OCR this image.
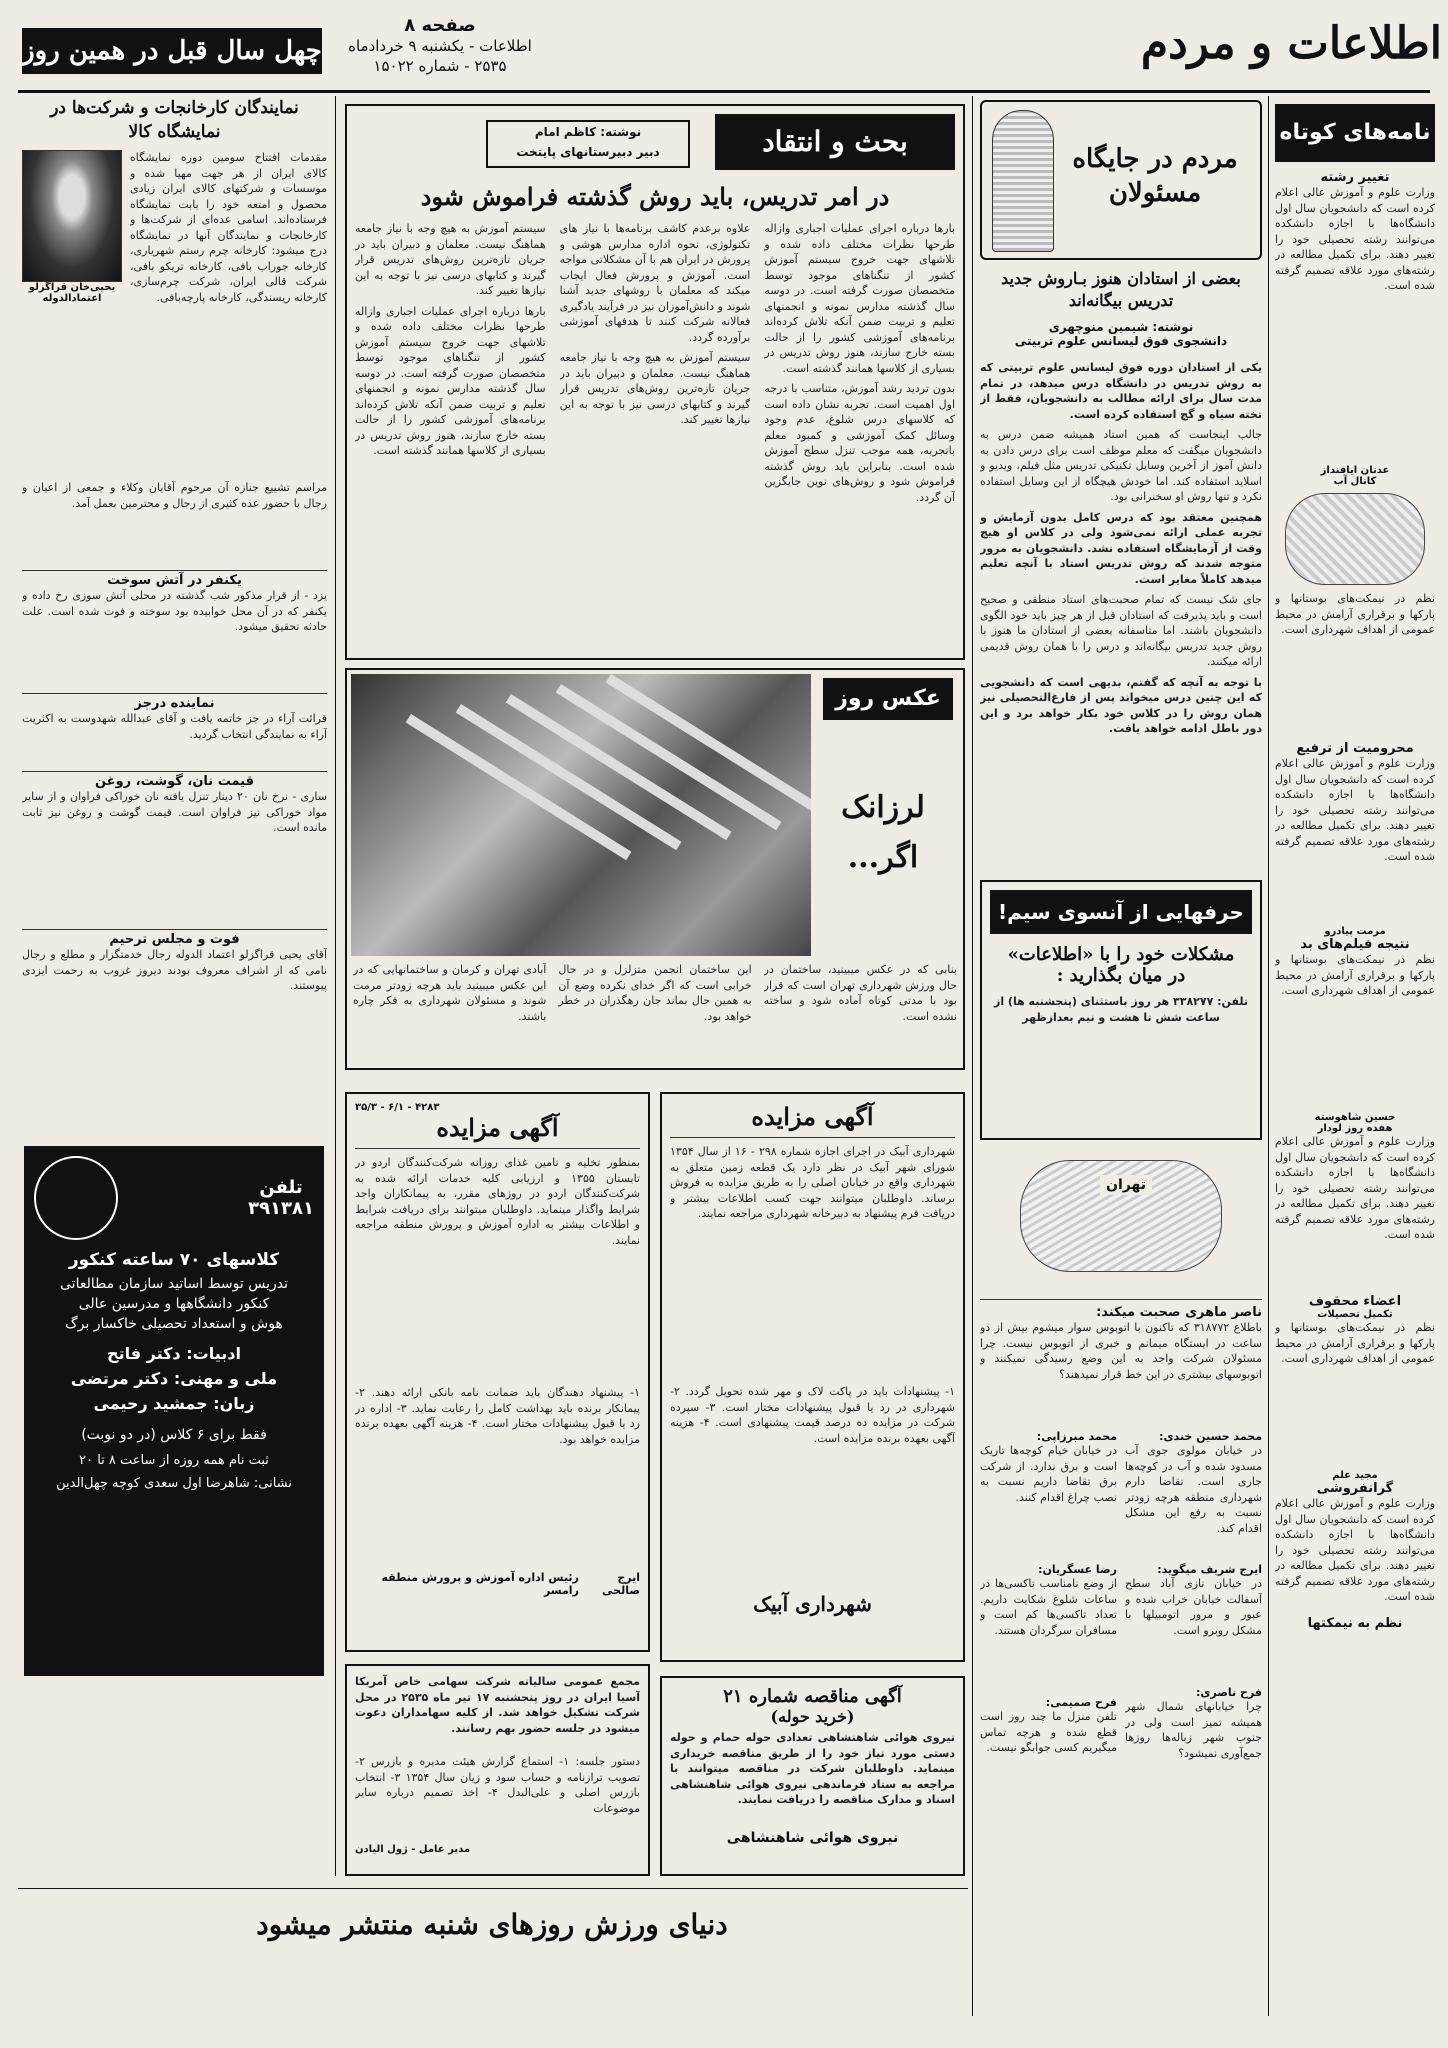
اطلاعات و مردم
صفحه ۸
اطلاعات - یکشنبه ۹ خردادماه
۲۵۳۵ - شماره ۱۵۰۲۲
چهل سال قبل در همین روز
نامه‌های کوتاه
تغییر رشته
وزارت علوم و آموزش عالی اعلام کرده است که دانشجویان سال اول دانشگاه‌ها با اجازه دانشکده می‌توانند رشته تحصیلی خود را تغییر دهند. برای تکمیل مطالعه در رشته‌های مورد علاقه تصمیم گرفته شده است.
عدنان ایافنداز
کانال آب
نظم در نیمکت‌های بوستانها و پارکها و برقراری آرامش در محیط عمومی از اهداف شهرداری است.
محرومیت از ترفیع
وزارت علوم و آموزش عالی اعلام کرده است که دانشجویان سال اول دانشگاه‌ها با اجازه دانشکده می‌توانند رشته تحصیلی خود را تغییر دهند. برای تکمیل مطالعه در رشته‌های مورد علاقه تصمیم گرفته شده است.
مرمت پیادرو
نتیجه فیلم‌های بد
نظم در نیمکت‌های بوستانها و پارکها و برقراری آرامش در محیط عمومی از اهداف شهرداری است.
حسین شاهوسته
هفده روز لودار
وزارت علوم و آموزش عالی اعلام کرده است که دانشجویان سال اول دانشگاه‌ها با اجازه دانشکده می‌توانند رشته تحصیلی خود را تغییر دهند. برای تکمیل مطالعه در رشته‌های مورد علاقه تصمیم گرفته شده است.
اعضاء محقوف
تکمیل تحصیلات
نظم در نیمکت‌های بوستانها و پارکها و برقراری آرامش در محیط عمومی از اهداف شهرداری است.
مجید علم
گرانفروشی
وزارت علوم و آموزش عالی اعلام کرده است که دانشجویان سال اول دانشگاه‌ها با اجازه دانشکده می‌توانند رشته تحصیلی خود را تغییر دهند. برای تکمیل مطالعه در رشته‌های مورد علاقه تصمیم گرفته شده است.
نظم به نیمکتها
مردم در جایگاه مسئولان
بعضی از استادان هنوز بـاروش جدید تدریس بیگانه‌اند
نوشته: شیمین منوچهری
دانشجوی فوق لیسانس علوم تربیتی

یکی از استادان دوره فوق لیسانس علوم تربیتی که به روش تدریس در دانشگاه درس میدهد، در تمام مدت سال برای ارائه مطالب به دانشجویان، فقط از تخته سیاه و گچ استفاده کرده است.

جالب اینجاست که همین استاد همیشه ضمن درس به دانشجویان میگفت که معلم موظف است برای درس دادن به دانش آموز از آخرین وسایل تکنیکی تدریس مثل فیلم، ویدیو و اسلاید استفاده کند. اما خودش هیچگاه از این وسایل استفاده نکرد و تنها روش او سخنرانی بود.

همچنین معتقد بود که درس کامل بدون آزمایش و تجربه عملی ارائه نمی‌شود ولی در کلاس او هیچ وقت از آزمایشگاه استفاده نشد. دانشجویان به مرور متوجه شدند که روش تدریس استاد با آنچه تعلیم میدهد کاملاً مغایر است.

جای شک نیست که تمام صحبت‌های استاد منطقی و صحیح است و باید پذیرفت که استادان قبل از هر چیز باید خود الگوی دانشجویان باشند. اما متاسفانه بعضی از استادان ما هنوز با روش جدید تدریس بیگانه‌اند و درس را با همان روش قدیمی ارائه میکنند.

با توجه به آنچه که گفتم، بدیهی است که دانشجویی که این چنین درس میخواند پس از فارغ‌التحصیلی نیز همان روش را در کلاس خود بکار خواهد برد و این دور باطل ادامه خواهد یافت.

حرفهایی از آنسوی سیم!
مشکلات خود را با «اطلاعات»
در میان بگذارید :
تلفن: ۳۳۸۲۷۷ هر روز باستثنای (پنجشنبه ها) از ساعت شش تا هشت و نیم بعدازظهر
تهران
ناصر ماهری صحبت میکند:
باطلاع ۳۱۸۷۷۲ که تاکنون با اتوبوس سوار میشوم بیش از دو ساعت در ایستگاه میمانم و خبری از اتوبوس نیست. چرا مسئولان شرکت واحد به این وضع رسیدگی نمیکنند و اتوبوسهای بیشتری در این خط قرار نمیدهند؟
محمد حسین خندی:
در خیابان مولوی جوی آب مسدود شده و آب در کوچه‌ها جاری است. تقاضا دارم شهرداری منطقه هرچه زودتر نسبت به رفع این مشکل اقدام کند.
ایرج شریف میگوید:
در خیابان نازی آباد سطح آسفالت خیابان خراب شده و عبور و مرور اتومبیلها با مشکل روبرو است.
فرح ناصری:
چرا خیابانهای شمال شهر همیشه تمیز است ولی در جنوب شهر زباله‌ها روزها جمع‌آوری نمیشود؟
محمد مبرزاپی:
در خیابان خیام کوچه‌ها تاریک است و برق ندارد. از شرکت برق تقاضا داریم نسبت به نصب چراغ اقدام کنند.
رضا عسگریان:
از وضع نامناسب تاکسی‌ها در ساعات شلوغ شکایت داریم. تعداد تاکسی‌ها کم است و مسافران سرگردان هستند.
فرح صمیمی:
تلفن منزل ما چند روز است قطع شده و هرچه تماس میگیریم کسی جوابگو نیست.
بحث و انتقاد
نوشته: کاظم امام
دبیر دبیرستانهای پایتخت
در امر تدریس، باید روش گذشته فراموش شود

بارها درباره اجرای عملیات اجباری وازاله طرحها نظرات مختلف داده شده و تلاشهای جهت خروج سیستم آموزش کشور از تنگناهای موجود توسط متخصصان صورت گرفته است. در دوسه سال گذشته مدارس نمونه و انجمنهای تعلیم و تربیت ضمن آنکه تلاش کرده‌اند برنامه‌های آموزشی کشور را از حالت بسته خارج سازند، هنوز روش تدریس در بسیاری از کلاسها همانند گذشته است.

بدون تردید رشد آموزش، متناسب با درجه اول اهمیت است. تجربه نشان داده است که کلاسهای درس شلوغ، عدم وجود وسائل کمک آموزشی و کمبود معلم باتجربه، همه موجب تنزل سطح آموزش شده است. بنابراین باید روش گذشته فراموش شود و روش‌های نوین جایگزین آن گردد.

علاوه برعدم کاشف برنامه‌ها با نیاز های تکنولوژی، نحوه اداره مدارس هوشی و پرورش در ایران هم با آن مشکلاتی مواجه است. آموزش و پرورش فعال ایجاب میکند که معلمان با روشهای جدید آشنا شوند و دانش‌آموزان نیز در فرآیند یادگیری فعالانه شرکت کنند تا هدفهای آموزشی برآورده گردد.

سیستم آموزش به هیچ وجه با نیاز جامعه هماهنگ نیست. معلمان و دبیران باید در جریان تازه‌ترین روش‌های تدریس قرار گیرند و کتابهای درسی نیز با توجه به این نیازها تغییر کند.

سیستم آموزش به هیچ وجه با نیاز جامعه هماهنگ نیست. معلمان و دبیران باید در جریان تازه‌ترین روش‌های تدریس قرار گیرند و کتابهای درسی نیز با توجه به این نیازها تغییر کند.

بارها درباره اجرای عملیات اجباری وازاله طرحها نظرات مختلف داده شده و تلاشهای جهت خروج سیستم آموزش کشور از تنگناهای موجود توسط متخصصان صورت گرفته است. در دوسه سال گذشته مدارس نمونه و انجمنهای تعلیم و تربیت ضمن آنکه تلاش کرده‌اند برنامه‌های آموزشی کشور را از حالت بسته خارج سازند، هنوز روش تدریس در بسیاری از کلاسها همانند گذشته است.

عکس روز
لرزانک
اگر...
بنابی که در عکس میبینید، ساختمان در حال ورزش شهرداری تهران است که قرار بود با مدتی کوتاه آماده شود و ساخته نشده است.
این ساختمان انجمن متزلزل و در حال خرابی است که اگر خدای نکرده وضع آن به همین حال بماند جان رهگذران در خطر خواهد بود.
آبادی تهران و کرمان و ساختمانهایی که در این عکس میبینید باید هرچه زودتر مرمت شوند و مسئولان شهرداری به فکر چاره باشند.
آگهی مزایده
شهرداری آبیک در اجرای اجازه شماره ۲۹۸ - ۱۶ از سال ۱۳۵۴ شورای شهر آبیک در نظر دارد یک قطعه زمین متعلق به شهرداری واقع در خیابان اصلی را به طریق مزایده به فروش برساند. داوطلبان میتوانند جهت کسب اطلاعات بیشتر و دریافت فرم پیشنهاد به دبیرخانه شهرداری مراجعه نمایند.
۱- پیشنهادات باید در پاکت لاک و مهر شده تحویل گردد. ۲- شهرداری در رد یا قبول پیشنهادات مختار است. ۳- سپرده شرکت در مزایده ده درصد قیمت پیشنهادی است. ۴- هزینه آگهی بعهده برنده مزایده است.
شهرداری آبیک
آگهی مناقصه شماره ۲۱
(خرید حوله)
نیروی هوائی شاهنشاهی تعدادی حوله حمام و حوله دستی مورد نیاز خود را از طریق مناقصه خریداری مینماید. داوطلبان شرکت در مناقصه میتوانند با مراجعه به ستاد فرماندهی نیروی هوائی شاهنشاهی اسناد و مدارک مناقصه را دریافت نمایند.
نیروی هوائی شاهنشاهی
۴۲۸۳ - ۶/۱ - ۳۵/۳
آگهی مزایده
بمنظور تخلیه و تامین غذای روزانه شرکت‌کنندگان اردو در تابستان ۱۳۵۵ و ارزیابی کلیه خدمات ارائه شده به شرکت‌کنندگان اردو در روزهای مقرر، به پیمانکاران واجد شرایط واگذار مینماید. داوطلبان میتوانند برای دریافت شرایط و اطلاعات بیشتر به اداره آموزش و پرورش منطقه مراجعه نمایند.
۱- پیشنهاد دهندگان باید ضمانت نامه بانکی ارائه دهند. ۲- پیمانکار برنده باید بهداشت کامل را رعایت نماید. ۳- اداره در رد یا قبول پیشنهادات مختار است. ۴- هزینه آگهی بعهده برنده مزایده خواهد بود.
ایرج صالحی
رئیس اداره آموزش و پرورش منطقه رامسر
مجمع عمومی سالیانه شرکت سهامی خاص آمریکا آسیا ایران در روز پنجشنبه ۱۷ تیر ماه ۲۵۳۵ در محل شرکت تشکیل خواهد شد. از کلیه سهامداران دعوت میشود در جلسه حضور بهم رسانند.
دستور جلسه: ۱- استماع گزارش هیئت مدیره و بازرس ۲- تصویب ترازنامه و حساب سود و زیان سال ۱۳۵۴ ۳- انتخاب بازرس اصلی و علی‌البدل ۴- اخذ تصمیم درباره سایر موضوعات
مدیر عامل - ژول الیادن
نمایندگان کارخانجات و شرکت‌ها در نمایشگاه کالا
مقدمات افتتاح سومین دوره نمایشگاه کالای ایران از هر جهت مهیا شده و موسسات و شرکتهای کالای ایران زیادی محصول و امتعه خود را بابت نمایشگاه فرستاده‌اند. اسامی عده‌ای از شرکت‌ها و کارخانجات و نمایندگان آنها در نمایشگاه درج میشود: کارخانه چرم رستم شهریاری، کارخانه جوراب بافی، کارخانه تریکو بافی، شرکت قالی ایران، شرکت چرم‌سازی، کارخانه ریسندگی، کارخانه پارچه‌بافی.
یحیی‌خان قراگزلو
اعتمادالدوله
مراسم تشییع جنازه آن مرحوم آقایان وکلاء و جمعی از اعیان و رجال با حضور عده کثیری از رجال و محترمین بعمل آمد.
یکنفر در آتش سوخت
یزد - از قرار مذکور شب گذشته در محلی آتش سوزی رخ داده و یکنفر که در آن محل خوابیده بود سوخته و فوت شده است. علت حادثه تحقیق میشود.
نماینده درجز
قرائت آراء در جز خاتمه یافت و آقای عبدالله شهدوست به اکثریت آراء به نمایندگی انتخاب گردید.
قیمت نان، گوشت، روغن
ساری - نرخ نان ۲۰ دینار تنزل یافته نان خوراکی فراوان و از سایر مواد خوراکی نیز فراوان است. قیمت گوشت و روغن نیز ثابت مانده است.
فوت و مجلس ترحیم
آقای یحیی قراگزلو اعتماد الدوله رجال خدمتگزار و مطلع و رجال نامی که از اشراف معروف بودند دیروز غروب به رحمت ایزدی پیوستند.
تلفن
۳۹۱۳۸۱
کلاسهای ۷۰ ساعته کنکور
تدریس توسط اساتید سازمان مطالعاتی
کنکور دانشگاهها و مدرسین عالی
هوش و استعداد تحصیلی خاکسار برگ
ادبیات: دکتر فاتح
ملی و مهنی: دکتر مرتضی
زبان: جمشید رحیمی
فقط برای ۶ کلاس (در دو نوبت)
ثبت نام همه روزه از ساعت ۸ تا ۲۰
نشانی: شاهرضا اول سعدی کوچه چهل‌الدین
دنیای ورزش روزهای شنبه منتشر میشود
